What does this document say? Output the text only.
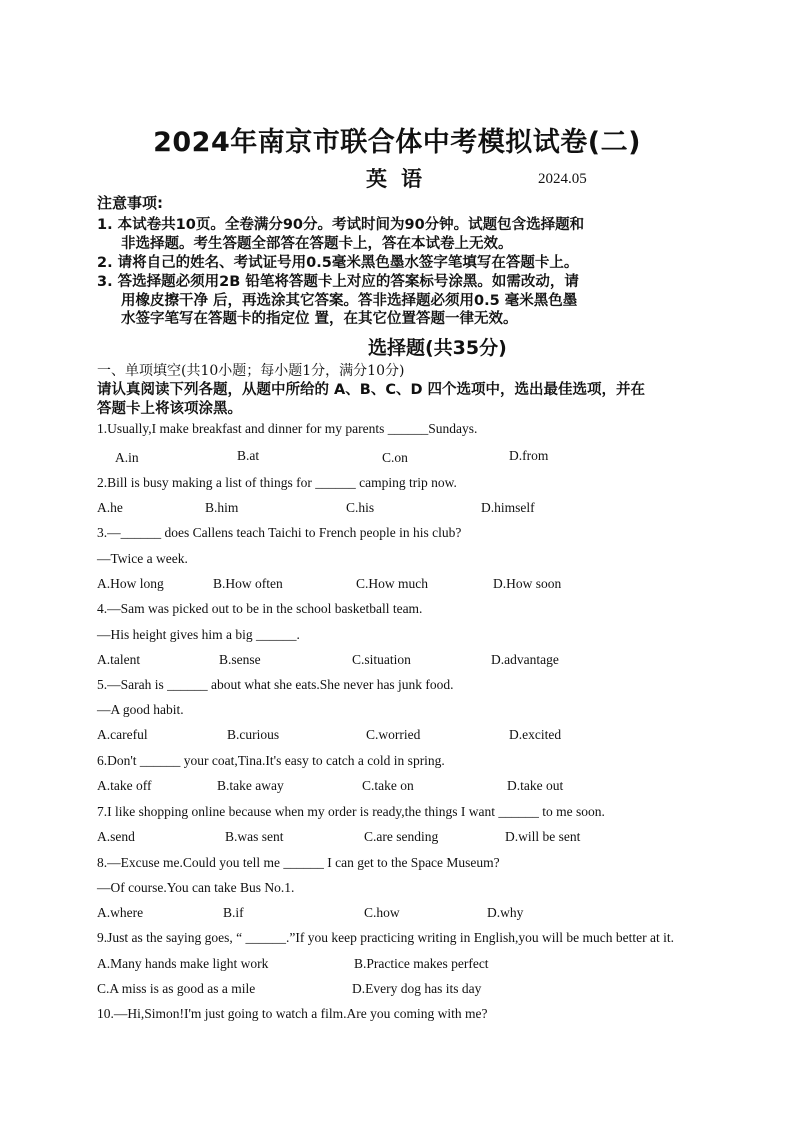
2024年南京市联合体中考模拟试卷(二)
英语	2024.05
注意事项:
1. 本试卷共10页。全卷满分90分。考试时间为90分钟。试题包含选择题和
非选择题。考生答题全部答在答题卡上，答在本试卷上无效。
2. 请将自己的姓名、考试证号用0.5毫米黑色墨水签字笔填写在答题卡上。
3. 答选择题必须用2B 铅笔将答题卡上对应的答案标号涂黑。如需改动，请
用橡皮擦干净 后，再选涂其它答案。答非选择题必须用0.5 毫米黑色墨
水签字笔写在答题卡的指定位 置，在其它位置答题一律无效。
选择题(共35分)
一、单项填空(共10小题；每小题1分，满分10分)
请认真阅读下列各题，从题中所给的 A、B、C、D 四个选项中，选出最佳选项，并在
答题卡上将该项涂黑。
1.Usually,I make breakfast and dinner for my parents ______Sundays.
A.in	B.at	C.on	D.from
2.Bill is busy making a list of things for ______ camping trip now.
A.he	B.him	C.his	D.himself
3.—______ does Callens teach Taichi to French people in his club?
—Twice a week.
A.How long	B.How often	C.How much	D.How soon
4.—Sam was picked out to be in the school basketball team.
—His height gives him a big ______.
A.talent	B.sense	C.situation	D.advantage
5.—Sarah is ______ about what she eats.She never has junk food.
—A good habit.
A.careful	B.curious	C.worried	D.excited
6.Don't ______ your coat,Tina.It's easy to catch a cold in spring.
A.take off	B.take away	C.take on	D.take out
7.I like shopping online because when my order is ready,the things I want ______ to me soon.
A.send	B.was sent	C.are sending	D.will be sent
8.—Excuse me.Could you tell me ______ I can get to the Space Museum?
—Of course.You can take Bus No.1.
A.where	B.if	C.how	D.why
9.Just as the saying goes, “ ______.”If you keep practicing writing in English,you will be much better at it.
A.Many hands make light work	B.Practice makes perfect
C.A miss is as good as a mile	D.Every dog has its day
10.—Hi,Simon!I'm just going to watch a film.Are you coming with me?
